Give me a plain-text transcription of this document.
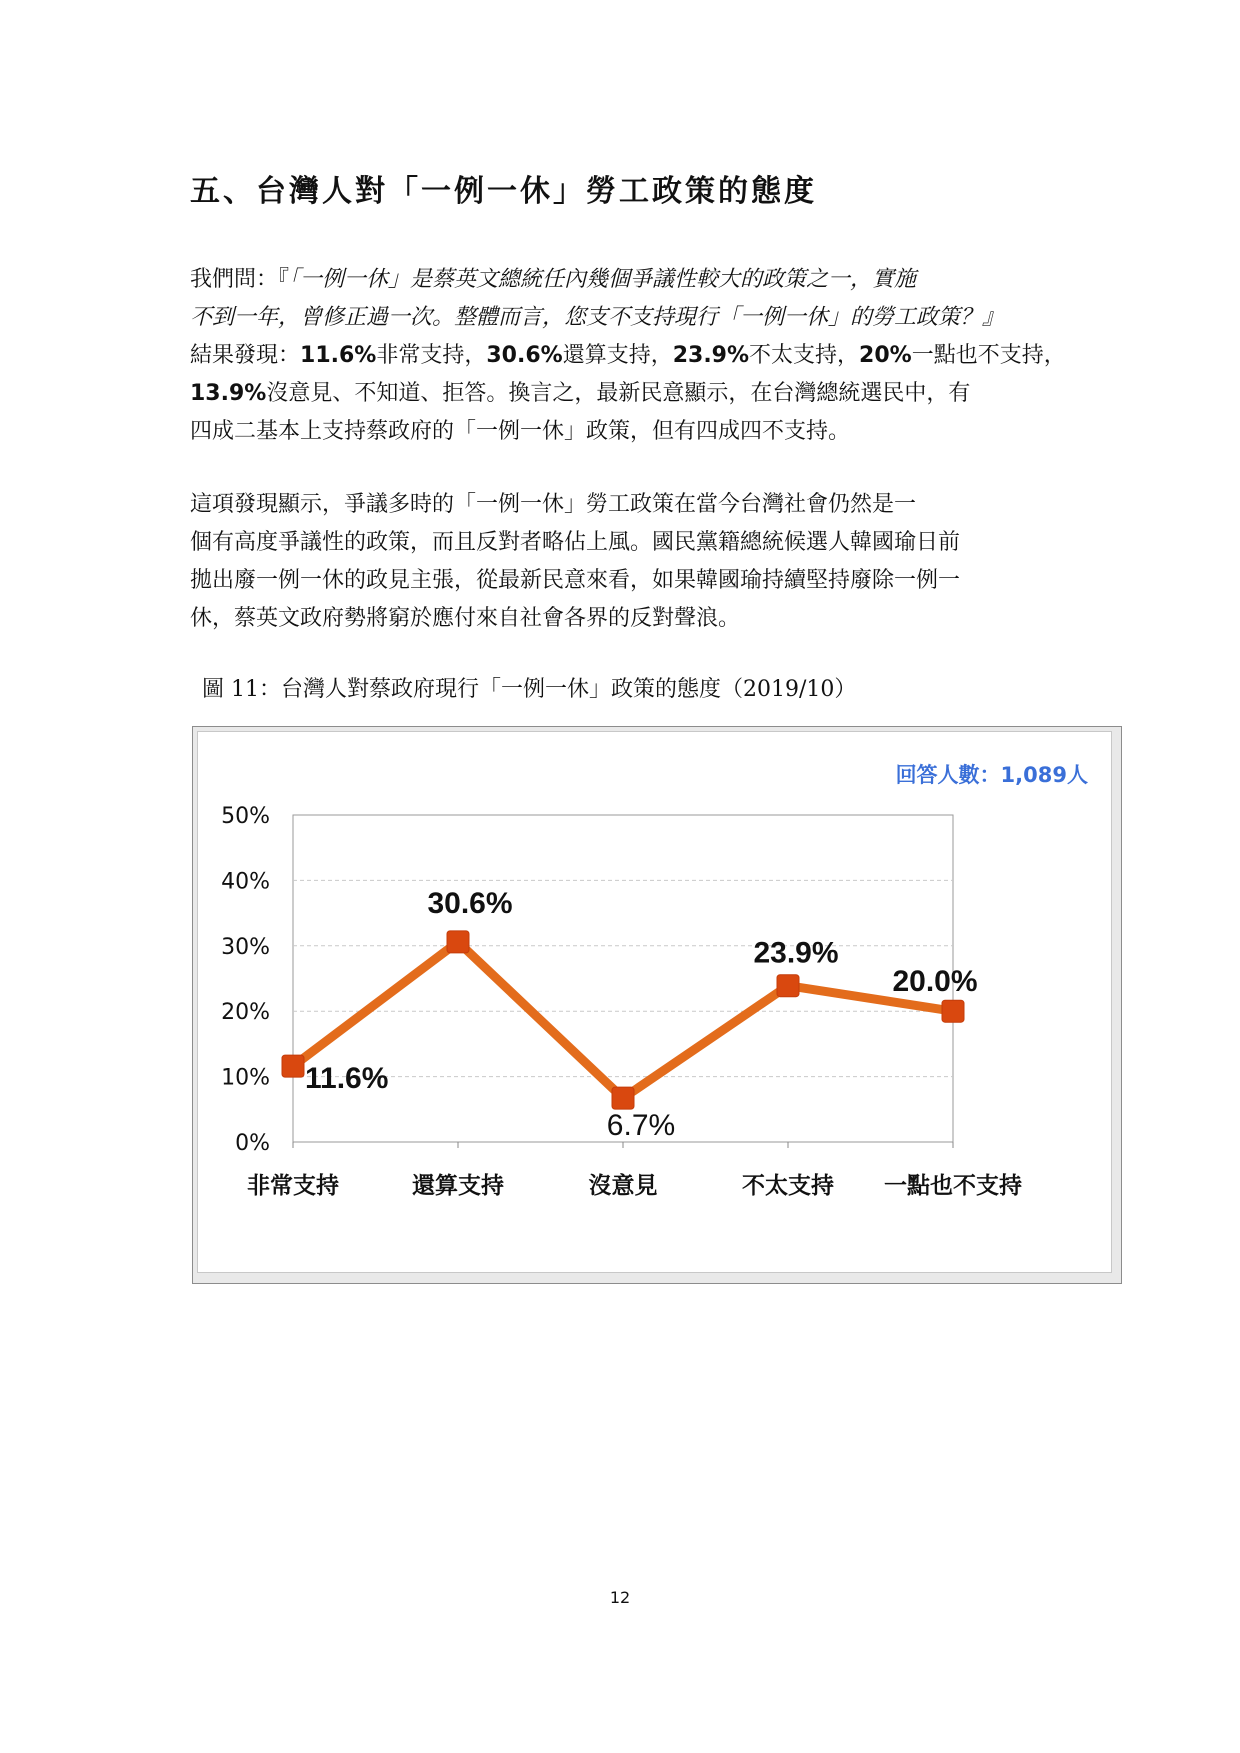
五、台灣人對「一例一休」勞工政策的態度
我們問：『「一例一休」是蔡英文總統任內幾個爭議性較大的政策之一，實施
不到一年，曾修正過一次。整體而言，您支不支持現行「一例一休」的勞工政策？』
結果發現：11.6%非常支持，30.6%還算支持，23.9%不太支持，20%一點也不支持，
13.9%沒意見、不知道、拒答。換言之，最新民意顯示，在台灣總統選民中，有
四成二基本上支持蔡政府的「一例一休」政策，但有四成四不支持。
這項發現顯示，爭議多時的「一例一休」勞工政策在當今台灣社會仍然是一
個有高度爭議性的政策，而且反對者略佔上風。國民黨籍總統候選人韓國瑜日前
拋出廢一例一休的政見主張，從最新民意來看，如果韓國瑜持續堅持廢除一例一
休，蔡英文政府勢將窮於應付來自社會各界的反對聲浪。
圖 11：台灣人對蔡政府現行「一例一休」政策的態度（2019/10）
0%
10%
20%
30%
40%
50%
非常支持	還算支持	沒意見	不太支持 一點也不支持
11.6%
30.6%
6.7%
23.9%
20.0%
回答人數：1,089人
12
